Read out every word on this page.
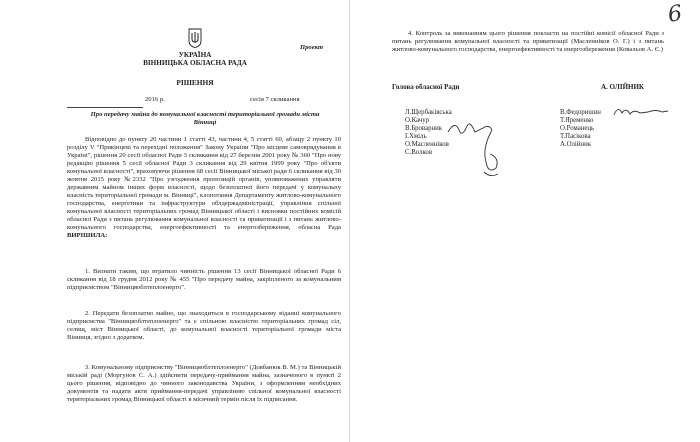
УКРАЇНА
ВІННИЦЬКА ОБЛАСНА РАДА
Проект
РІШЕННЯ
2016 р.	сесія 7 скликання
Про передачу майна до комунальної власності територіальної громади міста Вінниці
Відповідно до пункту 20 частини 1 статті 43, частини 4, 5 статті 60, абзацу 2 пункту 10 розділу V "Прикінцеві та перехідні положення" Закону України "Про місцеве самоврядування в Україні", рішення 20 сесії обласної Ради 3 скликання від 27 березня 2001 року № 360 "Про нову редакцію рішення 5 сесії обласної Ради 3 скликання від 29 квітня 1999 року "Про об'єкти комунальної власності", враховуючи рішення 68 сесії Вінницької міської ради 6 скликання від 30 жовтня 2015 року №2332 "Про узгодження пропозицій органів, уповноважених управляти державним майном інших форм власності, щодо безоплатної його передачі у комунальну власність територіальної громади м. Вінниці", клопотання Департаменту житлово-комунального господарства, енергетики та інфраструктури облдержадміністрації, управління спільної комунальної власності територіальних громад Вінницької області і висновки постійних комісій обласної Ради з питань регулювання комунальної власності та приватизації і з питань житлово-комунального господарства, енергоефективності та енергозбереження, обласна Рада ВИРІШИЛА:
1. Визнати таким, що втратило чинність рішення 13 сесії Вінницької обласної Ради 6 скликання від 18 грудня 2012 року № 455 "Про передачу майна, закріпленого за комунальним підприємством "Вінницяоблтеплоенерго".
2. Передати безоплатно майно, що знаходиться в господарському віданні комунального підприємства "Вінницяоблтеплоенерго" та є спільною власністю територіальних громад сіл, селищ, міст Вінницької області, до комунальної власності територіальної громади міста Вінниця, згідно з додатком.
3. Комунальному підприємству "Вінницяоблтеплоенерго" (Довбанюк В. М.) та Вінницькій міській раді (Моргунов С. А.) здійснити передачу-приймання майна, зазначеного в пункті 2 цього рішення, відповідно до чинного законодавства України, з оформленням необхідних документів та надати акти приймання-передачі управлінню спільної комунальної власності територіальних громад Вінницької області в місячний термін після їх підписання.
6
4. Контроль за виконанням цього рішення покласти на постійні комісії обласної Ради з питань регулювання комунальної власності та приватизації (Масленніков О. Г.) і з питань житлово-комунального господарства, енергоефективності та енергозбереження (Ковальов А. Є.)
Голова обласної Ради	А. ОЛІЙНИК
Л.Щербаківська
О.Качур
В.Броварник
І.Хміль
О.Масленніков
С.Волков
В.Федоришин
Т.Яременко
О.Романець
Т.Пасікова
А.Олійник
